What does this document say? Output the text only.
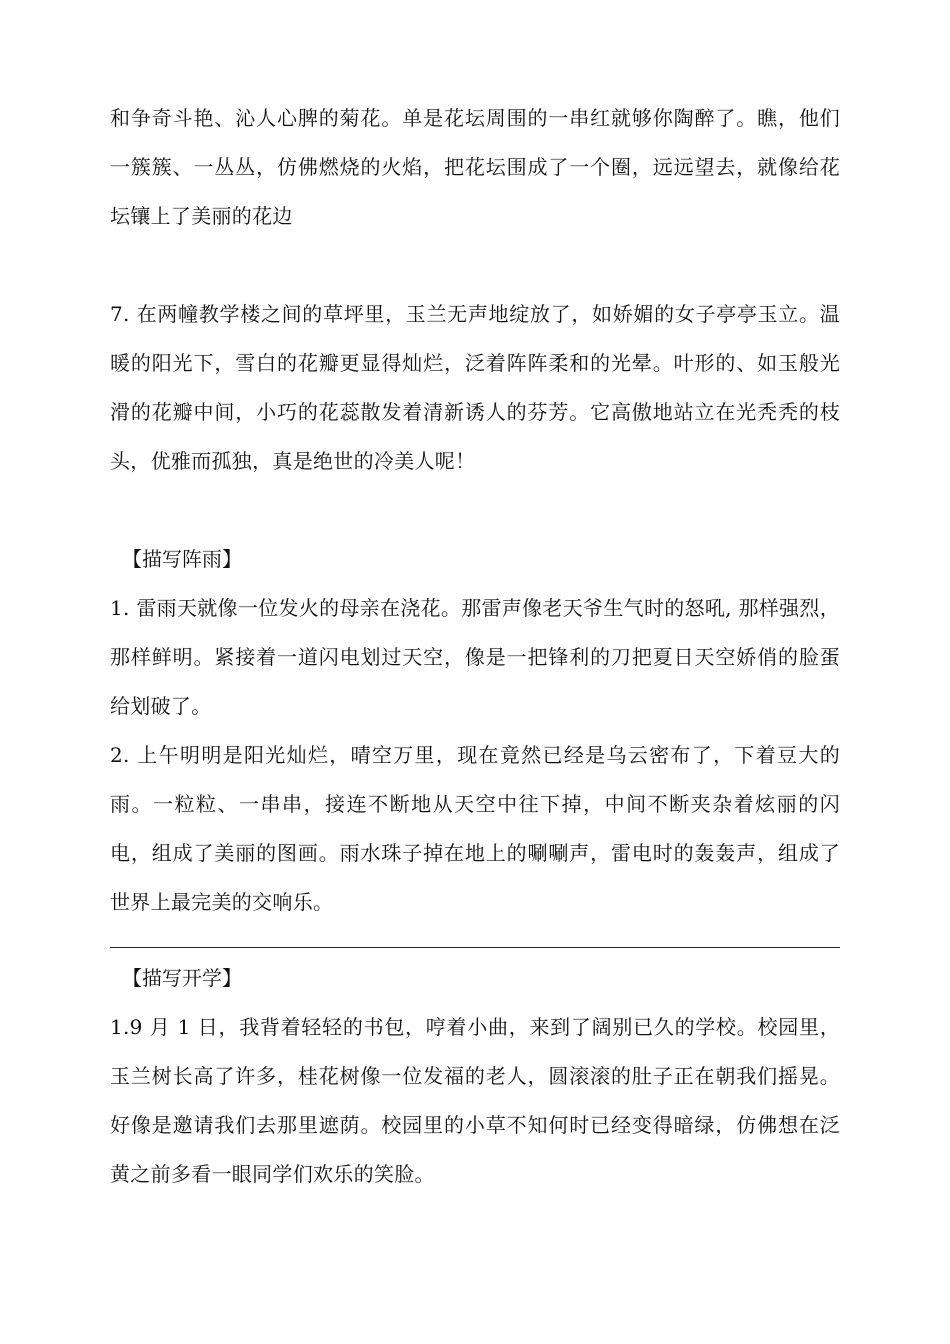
和争奇斗艳、沁人心脾的菊花。单是花坛周围的一串红就够你陶醉了。瞧，他们一簇簇、一丛丛，仿佛燃烧的火焰，把花坛围成了一个圈，远远望去，就像给花坛镶上了美丽的花边

7. 在两幢教学楼之间的草坪里，玉兰无声地绽放了，如娇媚的女子亭亭玉立。温暖的阳光下，雪白的花瓣更显得灿烂，泛着阵阵柔和的光晕。叶形的、如玉般光滑的花瓣中间，小巧的花蕊散发着清新诱人的芬芳。它高傲地站立在光秃秃的枝头，优雅而孤独，真是绝世的冷美人呢！

【描写阵雨】

1. 雷雨天就像一位发火的母亲在浇花。那雷声像老天爷生气时的怒吼, 那样强烈，那样鲜明。紧接着一道闪电划过天空，像是一把锋利的刀把夏日天空娇俏的脸蛋给划破了。

2. 上午明明是阳光灿烂，晴空万里，现在竟然已经是乌云密布了，下着豆大的雨。一粒粒、一串串，接连不断地从天空中往下掉，中间不断夹杂着炫丽的闪电，组成了美丽的图画。雨水珠子掉在地上的唰唰声，雷电时的轰轰声，组成了世界上最完美的交响乐。

【描写开学】

1.9 月 1 日，我背着轻轻的书包，哼着小曲，来到了阔别已久的学校。校园里，玉兰树长高了许多，桂花树像一位发福的老人，圆滚滚的肚子正在朝我们摇晃。好像是邀请我们去那里遮荫。校园里的小草不知何时已经变得暗绿，仿佛想在泛黄之前多看一眼同学们欢乐的笑脸。
